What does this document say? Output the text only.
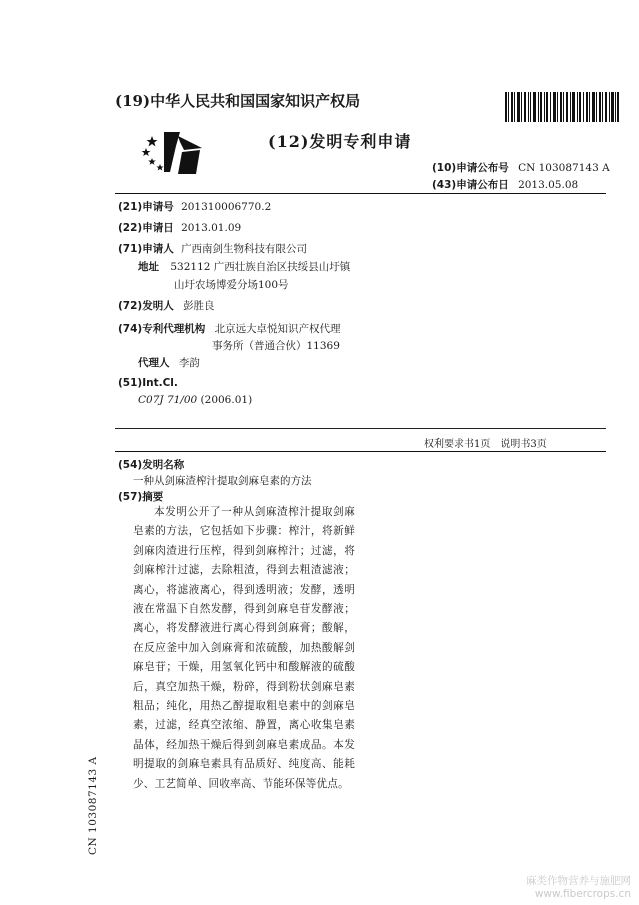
(19)中华人民共和国国家知识产权局
(12)发明专利申请
(10)申请公布号 CN 103087143 A
(43)申请公布日 2013.05.08
(21)申请号 201310006770.2
(22)申请日 2013.01.09
(71)申请人 广西南剑生物科技有限公司
地址 532112 广西壮族自治区扶绥县山圩镇
山圩农场博爱分场100号
(72)发明人 彭胜良
(74)专利代理机构 北京远大卓悦知识产权代理
事务所（普通合伙）11369
代理人 李韵
(51)Int.Cl.
C07J 71/00 (2006.01)
权利要求书1页　说明书3页
(54)发明名称
一种从剑麻渣榨汁提取剑麻皂素的方法
(57)摘要
本发明公开了一种从剑麻渣榨汁提取剑麻皂素的方法，它包括如下步骤：榨汁，将新鲜剑麻肉渣进行压榨，得到剑麻榨汁；过滤，将剑麻榨汁过滤，去除粗渣，得到去粗渣滤液；离心，将滤液离心，得到透明液；发酵，透明液在常温下自然发酵，得到剑麻皂苷发酵液；离心，将发酵液进行离心得到剑麻膏；酸解，在反应釜中加入剑麻膏和浓硫酸，加热酸解剑麻皂苷；干燥，用氢氧化钙中和酸解液的硫酸后，真空加热干燥，粉碎，得到粉状剑麻皂素粗品；纯化，用热乙醇提取粗皂素中的剑麻皂素，过滤，经真空浓缩、静置，离心收集皂素晶体，经加热干燥后得到剑麻皂素成品。本发明提取的剑麻皂素具有品质好、纯度高、能耗少、工艺简单、回收率高、节能环保等优点。
CN 103087143 A
麻类作物营养与施肥网
www.fibercrops.cn
